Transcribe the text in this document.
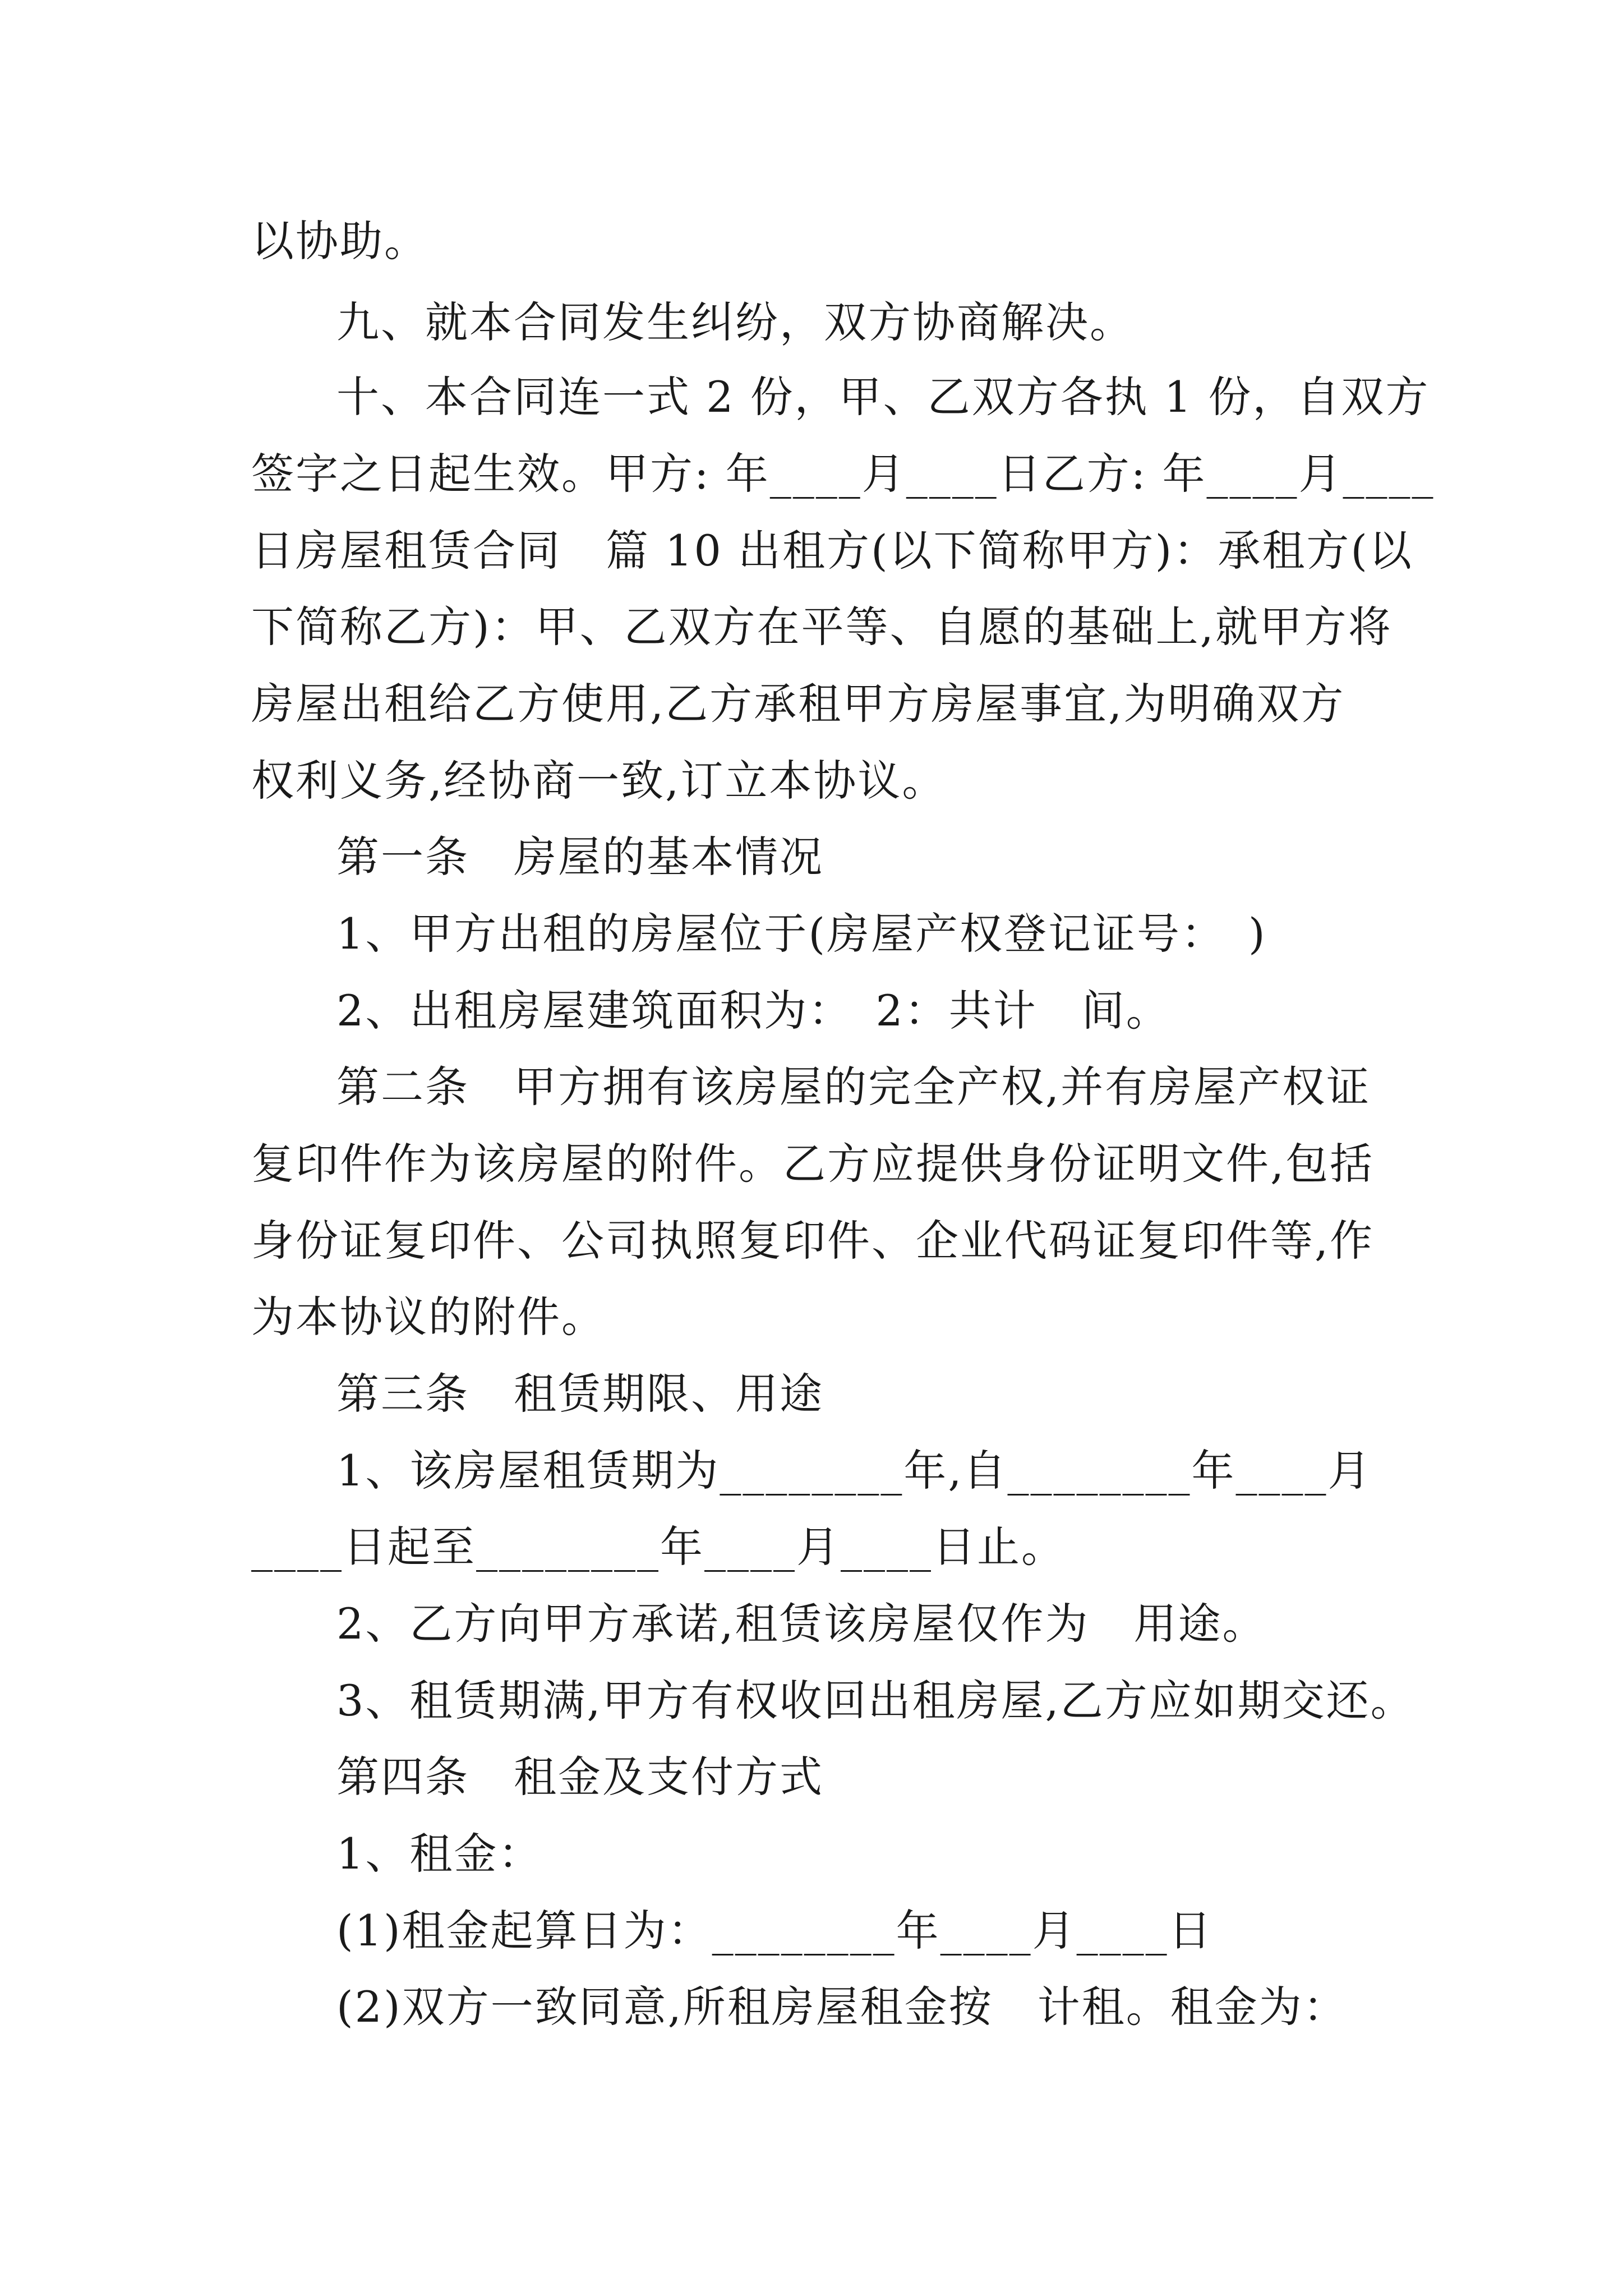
以协助。
九、就本合同发生纠纷，双方协商解决。
十、本合同连一式 2 份，甲、乙双方各执 1 份，自双方
签字之日起生效。甲方: 年____月____日乙方: 年____月____
日房屋租赁合同　篇 10 出租方(以下简称甲方)：承租方(以
下简称乙方)：甲、乙双方在平等、自愿的基础上,就甲方将
房屋出租给乙方使用,乙方承租甲方房屋事宜,为明确双方
权利义务,经协商一致,订立本协议。
第一条　房屋的基本情况
1、甲方出租的房屋位于(房屋产权登记证号：　)
2、出租房屋建筑面积为：　2：共计　间。
第二条　甲方拥有该房屋的完全产权,并有房屋产权证
复印件作为该房屋的附件。乙方应提供身份证明文件,包括
身份证复印件、公司执照复印件、企业代码证复印件等,作
为本协议的附件。
第三条　租赁期限、用途
1、该房屋租赁期为________年,自________年____月
____日起至________年____月____日止。
2、乙方向甲方承诺,租赁该房屋仅作为　用途。
3、租赁期满,甲方有权收回出租房屋,乙方应如期交还。
第四条　租金及支付方式
1、租金：
(1)租金起算日为：________年____月____日
(2)双方一致同意,所租房屋租金按　计租。租金为：
